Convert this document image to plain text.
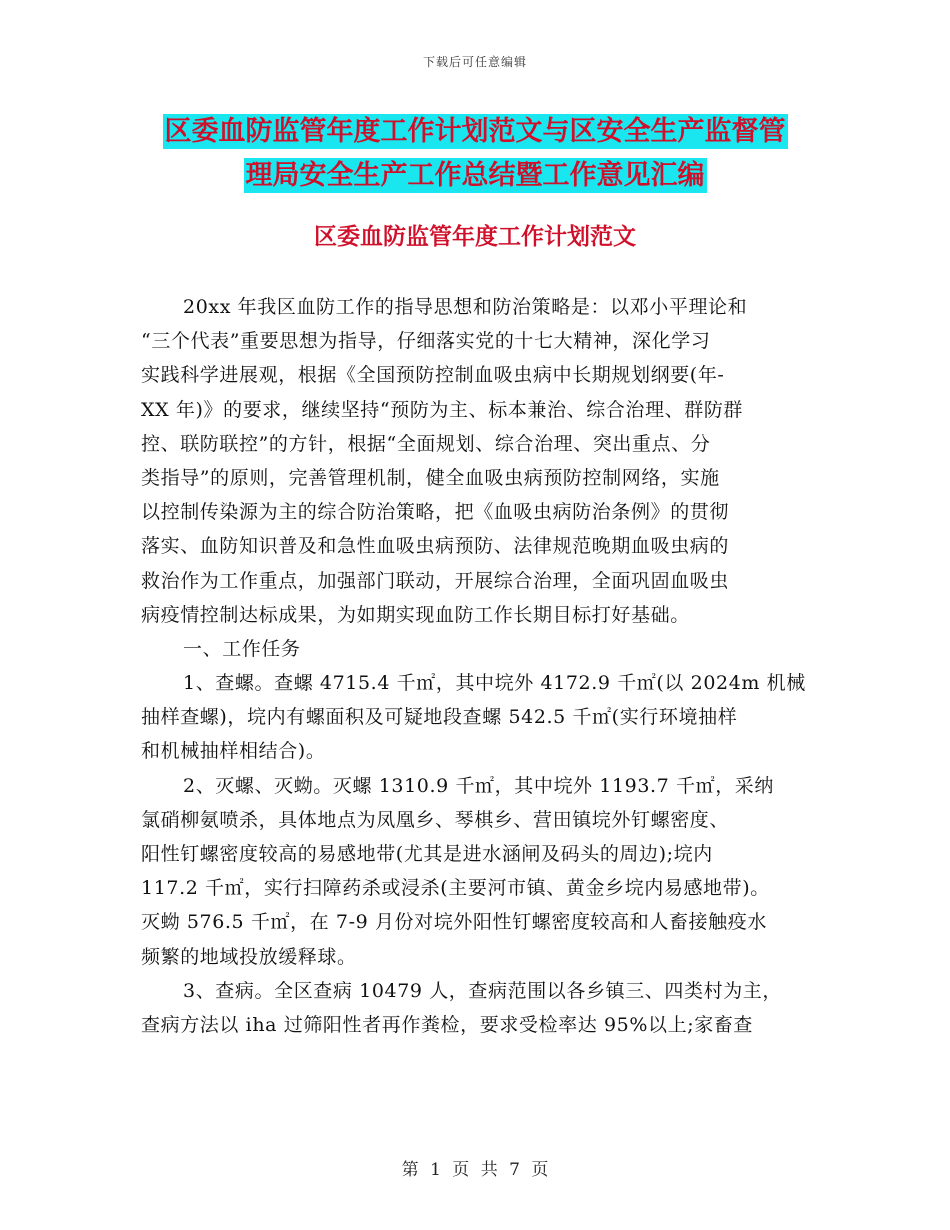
下载后可任意编辑
区委血防监管年度工作计划范文与区安全生产监督管
理局安全生产工作总结暨工作意见汇编
区委血防监管年度工作计划范文
20xx 年我区血防工作的指导思想和防治策略是：以邓小平理论和
“三个代表”重要思想为指导，仔细落实党的十七大精神，深化学习
实践科学进展观，根据《全国预防控制血吸虫病中长期规划纲要(年-
XX 年)》的要求，继续坚持“预防为主、标本兼治、综合治理、群防群
控、联防联控”的方针，根据“全面规划、综合治理、突出重点、分
类指导”的原则，完善管理机制，健全血吸虫病预防控制网络，实施
以控制传染源为主的综合防治策略，把《血吸虫病防治条例》的贯彻
落实、血防知识普及和急性血吸虫病预防、法律规范晚期血吸虫病的
救治作为工作重点，加强部门联动，开展综合治理，全面巩固血吸虫
病疫情控制达标成果，为如期实现血防工作长期目标打好基础。
一、工作任务
1、查螺。查螺 4715.4 千㎡，其中垸外 4172.9 千㎡(以 2024m 机械
抽样查螺)，垸内有螺面积及可疑地段查螺 542.5 千㎡(实行环境抽样
和机械抽样相结合)。
2、灭螺、灭蚴。灭螺 1310.9 千㎡，其中垸外 1193.7 千㎡，采纳
氯硝柳氨喷杀，具体地点为凤凰乡、琴棋乡、营田镇垸外钉螺密度、
阳性钉螺密度较高的易感地带(尤其是进水涵闸及码头的周边);垸内
117.2 千㎡，实行扫障药杀或浸杀(主要河市镇、黄金乡垸内易感地带)。
灭蚴 576.5 千㎡，在 7-9 月份对垸外阳性钉螺密度较高和人畜接触疫水
频繁的地域投放缓释球。
3、查病。全区查病 10479 人，查病范围以各乡镇三、四类村为主，
查病方法以 iha 过筛阳性者再作粪检，要求受检率达 95%以上;家畜查
第 1 页 共 7 页
